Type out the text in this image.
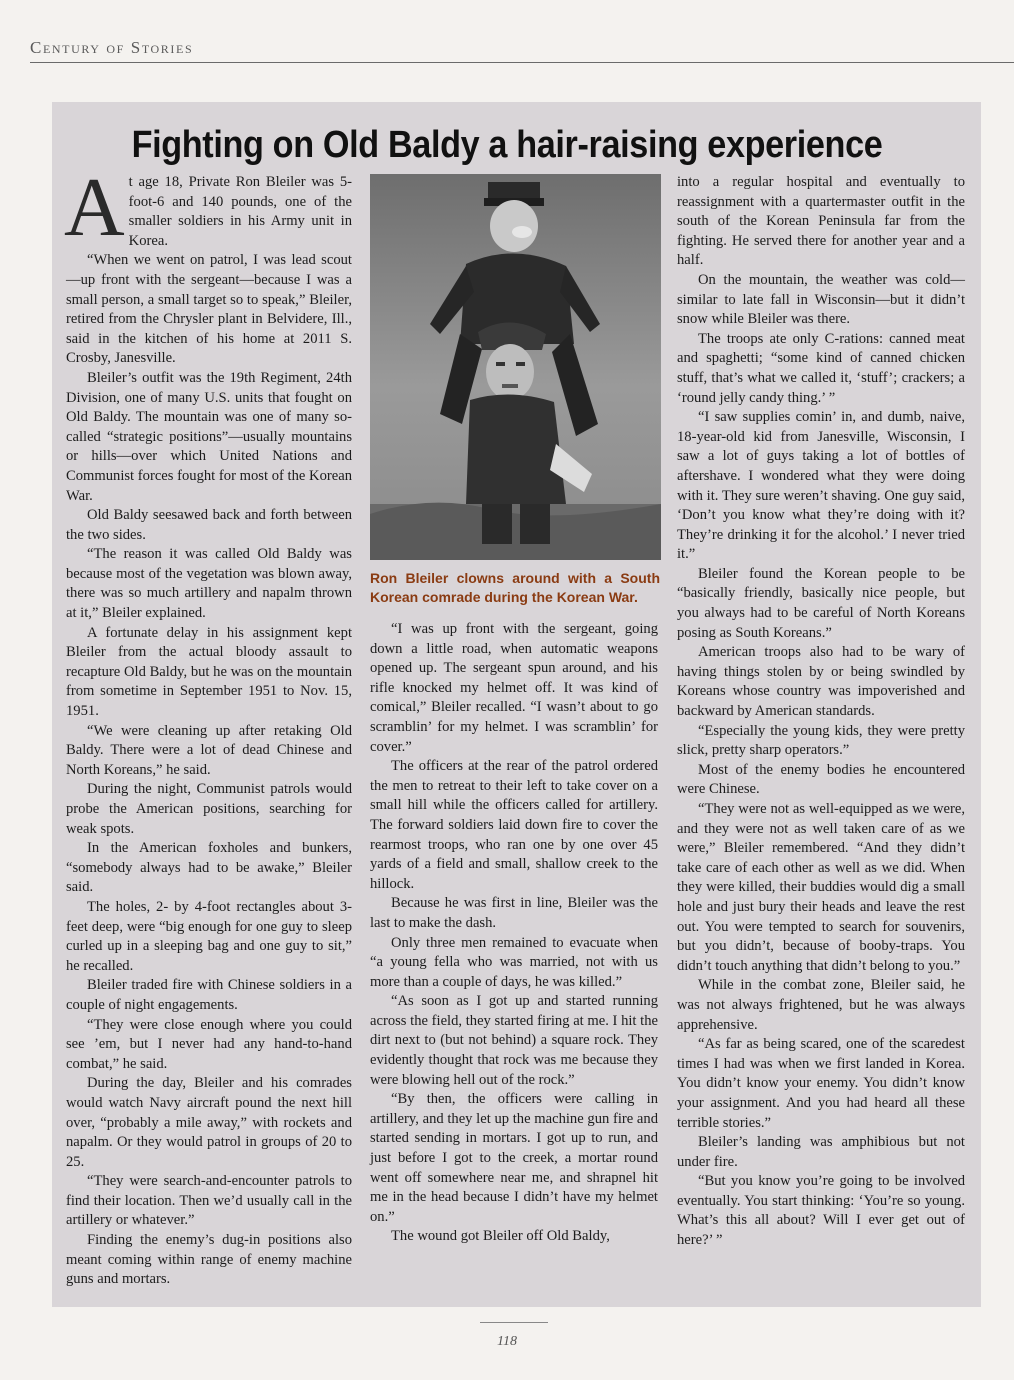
Century of Stories
Fighting on Old Baldy a hair-raising experience

At age 18, Private Ron Bleiler was 5-foot-6 and 140 pounds, one of the smaller soldiers in his Army unit in Korea.

“When we went on patrol, I was lead scout—up front with the sergeant—because I was a small person, a small target so to speak,” Bleiler, retired from the Chrysler plant in Belvidere, Ill., said in the kitchen of his home at 2011 S. Crosby, Janesville.

Bleiler’s outfit was the 19th Regiment, 24th Division, one of many U.S. units that fought on Old Baldy. The mountain was one of many so-called “strategic positions”—usually mountains or hills—over which United Nations and Communist forces fought for most of the Korean War.

Old Baldy seesawed back and forth between the two sides.

“The reason it was called Old Baldy was because most of the vegetation was blown away, there was so much artillery and napalm thrown at it,” Bleiler explained.

A fortunate delay in his assignment kept Bleiler from the actual bloody assault to recapture Old Baldy, but he was on the mountain from sometime in September 1951 to Nov. 15, 1951.

“We were cleaning up after retaking Old Baldy. There were a lot of dead Chinese and North Koreans,” he said.

During the night, Communist patrols would probe the American positions, searching for weak spots.

In the American foxholes and bunkers, “somebody always had to be awake,” Bleiler said.

The holes, 2- by 4-foot rectangles about 3-feet deep, were “big enough for one guy to sleep curled up in a sleeping bag and one guy to sit,” he recalled.

Bleiler traded fire with Chinese soldiers in a couple of night engagements.

“They were close enough where you could see ’em, but I never had any hand-to-hand combat,” he said.

During the day, Bleiler and his comrades would watch Navy aircraft pound the next hill over, “probably a mile away,” with rockets and napalm. Or they would patrol in groups of 20 to 25.

“They were search-and-encounter patrols to find their location. Then we’d usually call in the artillery or whatever.”

Finding the enemy’s dug-in positions also meant coming within range of enemy machine guns and mortars.

Ron Bleiler clowns around with a South Korean comrade during the Korean War.

“I was up front with the sergeant, going down a little road, when automatic weapons opened up. The sergeant spun around, and his rifle knocked my helmet off. It was kind of comical,” Bleiler recalled. “I wasn’t about to go scramblin’ for my helmet. I was scramblin’ for cover.”

The officers at the rear of the patrol ordered the men to retreat to their left to take cover on a small hill while the officers called for artillery. The forward soldiers laid down fire to cover the rearmost troops, who ran one by one over 45 yards of a field and small, shallow creek to the hillock.

Because he was first in line, Bleiler was the last to make the dash.

Only three men remained to evacuate when “a young fella who was married, not with us more than a couple of days, he was killed.”

“As soon as I got up and started running across the field, they started firing at me. I hit the dirt next to (but not behind) a square rock. They evidently thought that rock was me because they were blowing hell out of the rock.”

“By then, the officers were calling in artillery, and they let up the machine gun fire and started sending in mortars. I got up to run, and just before I got to the creek, a mortar round went off somewhere near me, and shrapnel hit me in the head because I didn’t have my helmet on.”

The wound got Bleiler off Old Baldy,

into a regular hospital and eventually to reassignment with a quartermaster outfit in the south of the Korean Peninsula far from the fighting. He served there for another year and a half.

On the mountain, the weather was cold—similar to late fall in Wisconsin—but it didn’t snow while Bleiler was there.

The troops ate only C-rations: canned meat and spaghetti; “some kind of canned chicken stuff, that’s what we called it, ‘stuff’; crackers; a ‘round jelly candy thing.’ ”

“I saw supplies comin’ in, and dumb, naive, 18-year-old kid from Janesville, Wisconsin, I saw a lot of guys taking a lot of bottles of aftershave. I wondered what they were doing with it. They sure weren’t shaving. One guy said, ‘Don’t you know what they’re doing with it? They’re drinking it for the alcohol.’ I never tried it.”

Bleiler found the Korean people to be “basically friendly, basically nice people, but you always had to be careful of North Koreans posing as South Koreans.”

American troops also had to be wary of having things stolen by or being swindled by Koreans whose country was impoverished and backward by American standards.

“Especially the young kids, they were pretty slick, pretty sharp operators.”

Most of the enemy bodies he encountered were Chinese.

“They were not as well-equipped as we were, and they were not as well taken care of as we were,” Bleiler remembered. “And they didn’t take care of each other as well as we did. When they were killed, their buddies would dig a small hole and just bury their heads and leave the rest out. You were tempted to search for souvenirs, but you didn’t, because of booby-traps. You didn’t touch anything that didn’t belong to you.”

While in the combat zone, Bleiler said, he was not always frightened, but he was always apprehensive.

“As far as being scared, one of the scaredest times I had was when we first landed in Korea. You didn’t know your enemy. You didn’t know your assignment. And you had heard all these terrible stories.”

Bleiler’s landing was amphibious but not under fire.

“But you know you’re going to be involved eventually. You start thinking: ‘You’re so young. What’s this all about? Will I ever get out of here?’ ”

118
